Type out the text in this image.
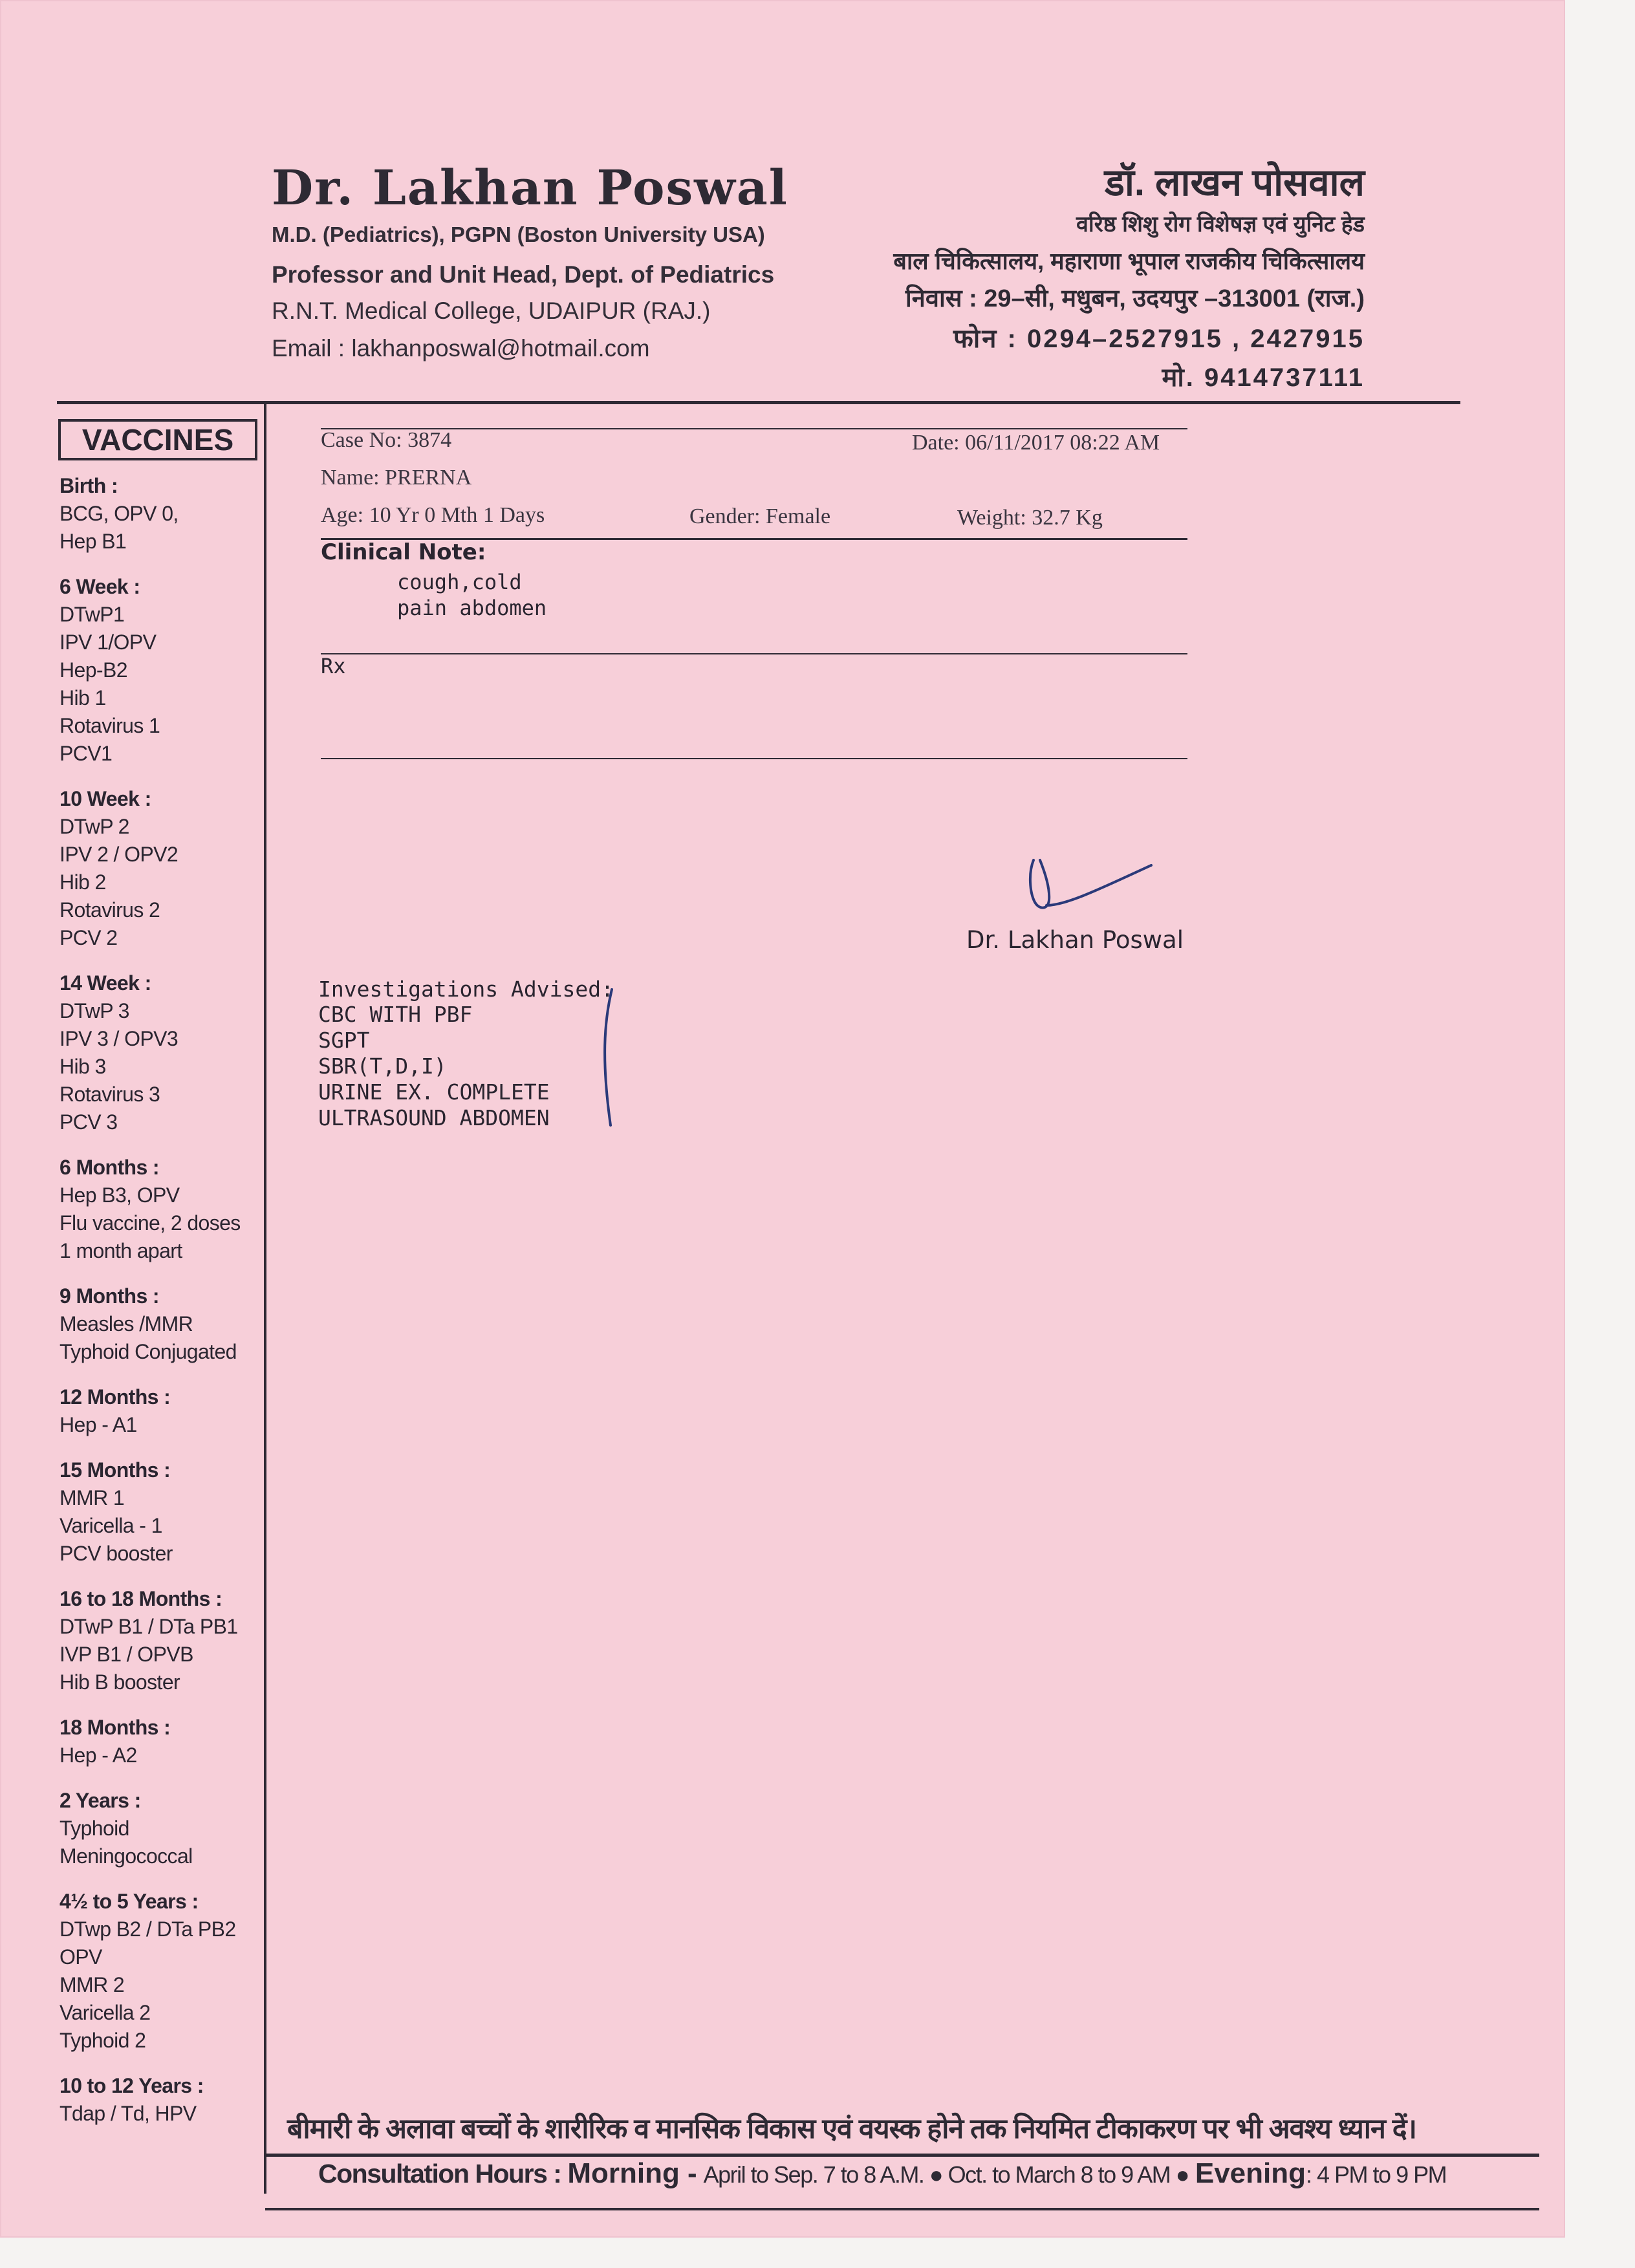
Dr. Lakhan Poswal
M.D. (Pediatrics), PGPN (Boston University USA)
Professor and Unit Head, Dept. of Pediatrics
R.N.T. Medical College, UDAIPUR (RAJ.)
Email : lakhanposwal@hotmail.com
डॉ. लाखन पोसवाल
वरिष्ठ शिशु रोग विशेषज्ञ एवं युनिट हेड
बाल चिकित्सालय, महाराणा भूपाल राजकीय चिकित्सालय
निवास : 29–सी, मधुबन, उदयपुर –313001 (राज.)
फोन : 0294–2527915 , 2427915
मो. 9414737111
VACCINES
Birth :
BCG, OPV 0,
Hep B1
6 Week :
DTwP1
IPV 1/OPV
Hep-B2
Hib 1
Rotavirus 1
PCV1
10 Week :
DTwP 2
IPV 2 / OPV2
Hib 2
Rotavirus 2
PCV 2
14 Week :
DTwP 3
IPV 3 / OPV3
Hib 3
Rotavirus 3
PCV 3
6 Months :
Hep B3, OPV
Flu vaccine, 2 doses
1 month apart
9 Months :
Measles /MMR
Typhoid Conjugated
12 Months :
Hep - A1
15 Months :
MMR 1
Varicella - 1
PCV booster
16 to 18 Months :
DTwP B1 / DTa PB1
IVP B1 / OPVB
Hib B booster
18 Months :
Hep - A2
2 Years :
Typhoid
Meningococcal
4½ to 5 Years :
DTwp B2 / DTa PB2
OPV
MMR 2
Varicella 2
Typhoid 2
10 to 12 Years :
Tdap / Td, HPV
Case No: 3874	Date: 06/11/2017 08:22 AM
Name: PRERNA
Age: 10 Yr 0 Mth 1 Days	Gender: Female	Weight: 32.7 Kg
Clinical Note:
cough,cold
pain abdomen
Rx
Dr. Lakhan Poswal
Investigations Advised:
CBC WITH PBF
SGPT
SBR(T,D,I)
URINE EX. COMPLETE
ULTRASOUND ABDOMEN
बीमारी के अलावा बच्चों के शारीरिक व मानसिक विकास एवं वयस्क होने तक नियमित टीकाकरण पर भी अवश्य ध्यान दें।
Consultation Hours : Morning - April to Sep. 7 to 8 A.M. ● Oct. to March 8 to 9 AM ● Evening: 4 PM to 9 PM
